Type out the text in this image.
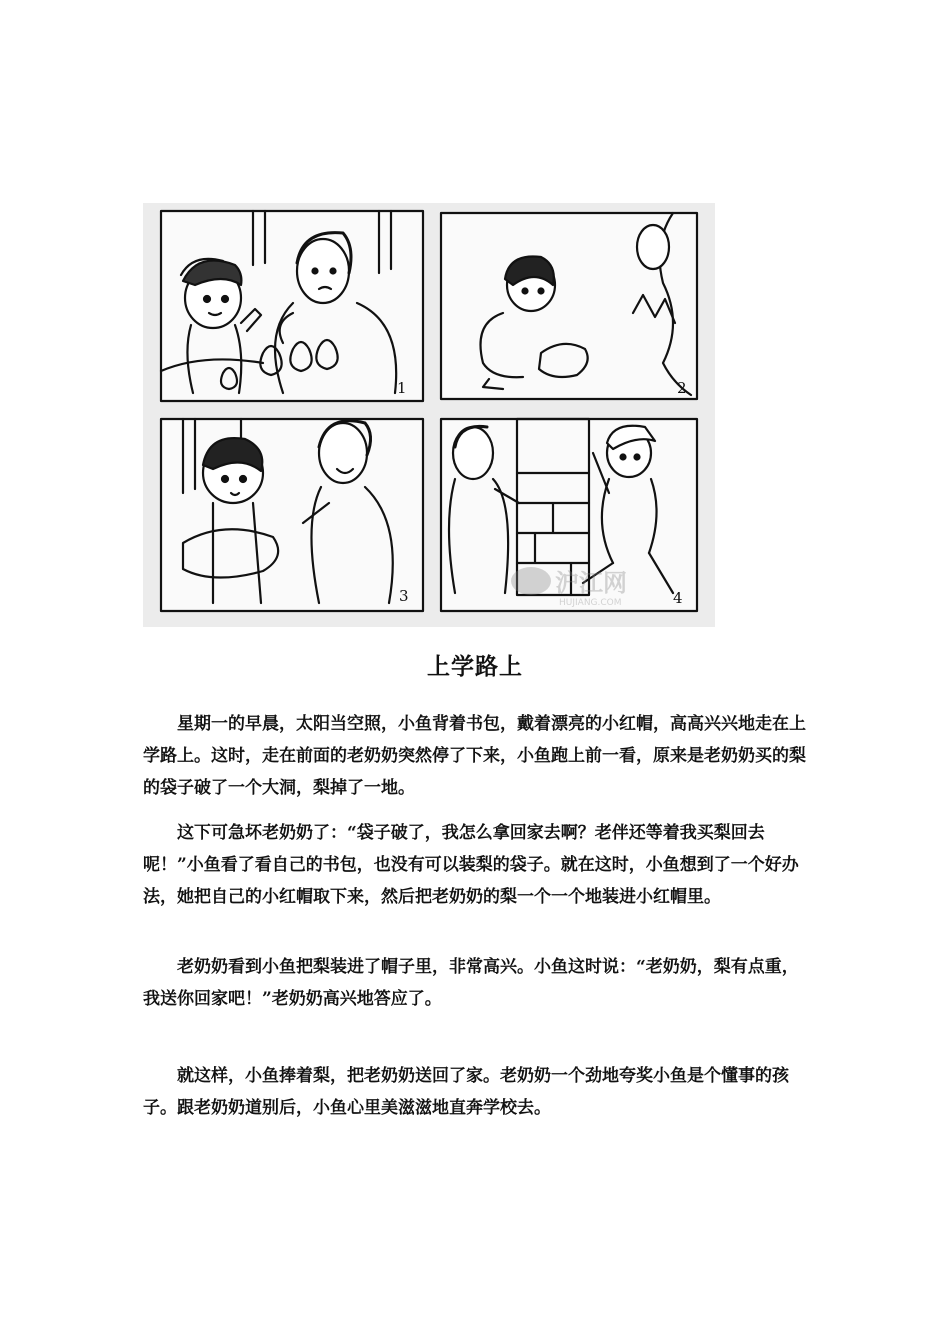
1	2
3	4
沪江网
HUJIANG.COM
上学路上
星期一的早晨，太阳当空照，小鱼背着书包，戴着漂亮的小红帽，高高兴兴地走在上学路上。这时，走在前面的老奶奶突然停了下来，小鱼跑上前一看，原来是老奶奶买的梨的袋子破了一个大洞，梨掉了一地。
这下可急坏老奶奶了：“袋子破了，我怎么拿回家去啊？老伴还等着我买梨回去呢！”小鱼看了看自己的书包，也没有可以装梨的袋子。就在这时，小鱼想到了一个好办法，她把自己的小红帽取下来，然后把老奶奶的梨一个一个地装进小红帽里。
老奶奶看到小鱼把梨装进了帽子里，非常高兴。小鱼这时说：“老奶奶，梨有点重，我送你回家吧！”老奶奶高兴地答应了。
就这样，小鱼捧着梨，把老奶奶送回了家。老奶奶一个劲地夸奖小鱼是个懂事的孩子。跟老奶奶道别后，小鱼心里美滋滋地直奔学校去。
